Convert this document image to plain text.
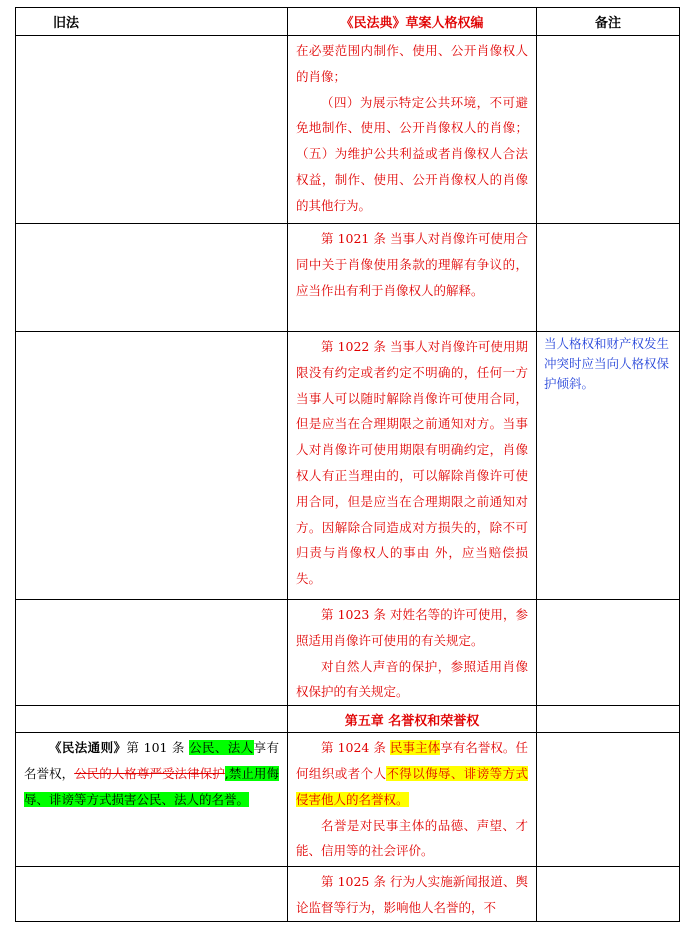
旧法	《民法典》草案人格权编	备注

	在必要范围内制作、使用、公开肖像权人的肖像；

（四）为展示特定公共环境，不可避免地制作、使用、公开肖像权人的肖像；（五）为维护公共利益或者肖像权人合法权益，制作、使用、公开肖像权人的肖像的其他行为。	

	第 1021 条 当事人对肖像许可使用合同中关于肖像使用条款的理解有争议的，应当作出有利于肖像权人的解释。	

	第 1022 条 当事人对肖像许可使用期限没有约定或者约定不明确的，任何一方当事人可以随时解除肖像许可使用合同，但是应当在合理期限之前通知对方。当事人对肖像许可使用期限有明确约定，肖像权人有正当理由的，可以解除肖像许可使用合同，但是应当在合理期限之前通知对方。因解除合同造成对方损失的，除不可归责与肖像权人的事由 外，应当赔偿损失。	当人格权和财产权发生冲突时应当向人格权保护倾斜。

	第 1023 条 对姓名等的许可使用，参照适用肖像许可使用的有关规定。

对自然人声音的保护，参照适用肖像权保护的有关规定。	

	第五章 名誉权和荣誉权	

《民法通则》第 101 条 公民、法人享有名誉权，公民的人格尊严受法律保护,禁止用侮辱、诽谤等方式损害公民、法人的名誉。	第 1024 条 民事主体享有名誉权。任何组织或者个人不得以侮辱、诽谤等方式侵害他人的名誉权。

名誉是对民事主体的品德、声望、才能、信用等的社会评价。	

	第 1025 条 行为人实施新闻报道、舆论监督等行为，影响他人名誉的，不	
